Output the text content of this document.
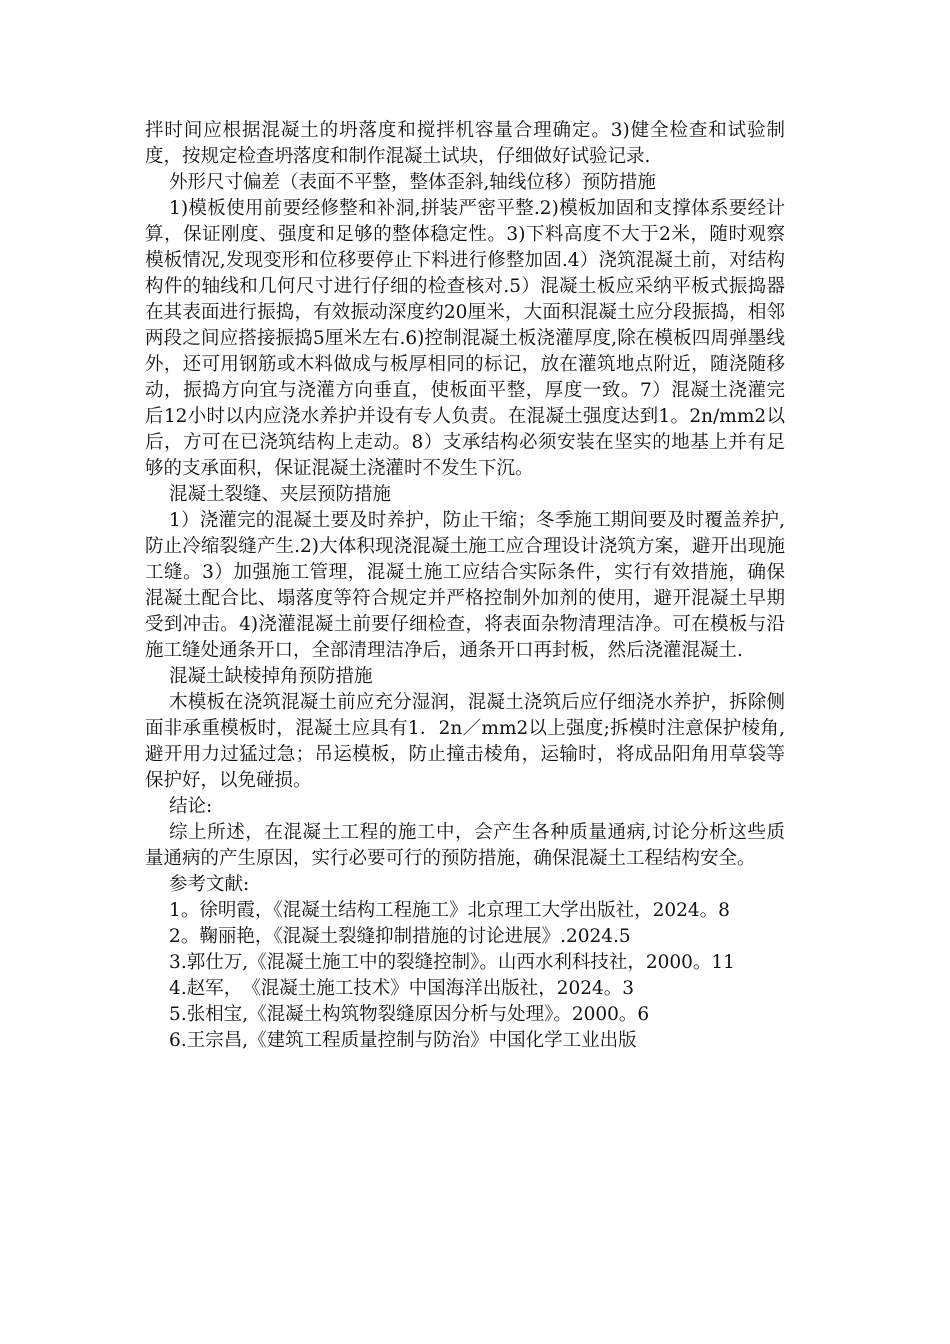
拌时间应根据混凝土的坍落度和搅拌机容量合理确定。3)健全检查和试验制度，按规定检查坍落度和制作混凝土试块，仔细做好试验记录.

外形尺寸偏差（表面不平整，整体歪斜,轴线位移）预防措施

1)模板使用前要经修整和补洞,拼装严密平整.2)模板加固和支撑体系要经计算，保证刚度、强度和足够的整体稳定性。3)下料高度不大于2米，随时观察模板情况,发现变形和位移要停止下料进行修整加固.4）浇筑混凝土前，对结构构件的轴线和几何尺寸进行仔细的检查核对.5）混凝土板应采纳平板式振捣器在其表面进行振捣，有效振动深度约20厘米，大面积混凝土应分段振捣，相邻两段之间应搭接振捣5厘米左右.6)控制混凝土板浇灌厚度,除在模板四周弹墨线外，还可用钢筋或木料做成与板厚相同的标记，放在灌筑地点附近，随浇随移动，振捣方向宜与浇灌方向垂直，使板面平整，厚度一致。7）混凝土浇灌完后12小时以内应浇水养护并设有专人负责。在混凝土强度达到1。2n/mm2以后，方可在已浇筑结构上走动。8）支承结构必须安装在坚实的地基上并有足够的支承面积，保证混凝土浇灌时不发生下沉。

混凝土裂缝、夹层预防措施

1）浇灌完的混凝土要及时养护，防止干缩；冬季施工期间要及时覆盖养护,防止冷缩裂缝产生.2)大体积现浇混凝土施工应合理设计浇筑方案，避开出现施工缝。3）加强施工管理，混凝土施工应结合实际条件，实行有效措施，确保混凝土配合比、塌落度等符合规定并严格控制外加剂的使用，避开混凝土早期受到冲击。4)浇灌混凝土前要仔细检查，将表面杂物清理洁净。可在模板与沿施工缝处通条开口，全部清理洁净后，通条开口再封板，然后浇灌混凝土.

混凝土缺棱掉角预防措施

木模板在浇筑混凝土前应充分湿润，混凝土浇筑后应仔细浇水养护，拆除侧面非承重模板时，混凝土应具有1．2n／mm2以上强度;拆模时注意保护棱角,避开用力过猛过急；吊运模板，防止撞击棱角，运输时，将成品阳角用草袋等保护好，以免碰损。

结论:

综上所述，在混凝土工程的施工中，会产生各种质量通病,讨论分析这些质量通病的产生原因，实行必要可行的预防措施，确保混凝土工程结构安全。

参考文献:

1。徐明霞，《混凝土结构工程施工》北京理工大学出版社，2024。8

2。鞠丽艳，《混凝土裂缝抑制措施的讨论进展》.2024.5

3.郭仕万,《混凝土施工中的裂缝控制》。山西水利科技社，2000。11

4.赵军，　《混凝土施工技术》中国海洋出版社，2024。3

5.张相宝,《混凝土构筑物裂缝原因分析与处理》。2000。6

6.王宗昌,《建筑工程质量控制与防治》中国化学工业出版
